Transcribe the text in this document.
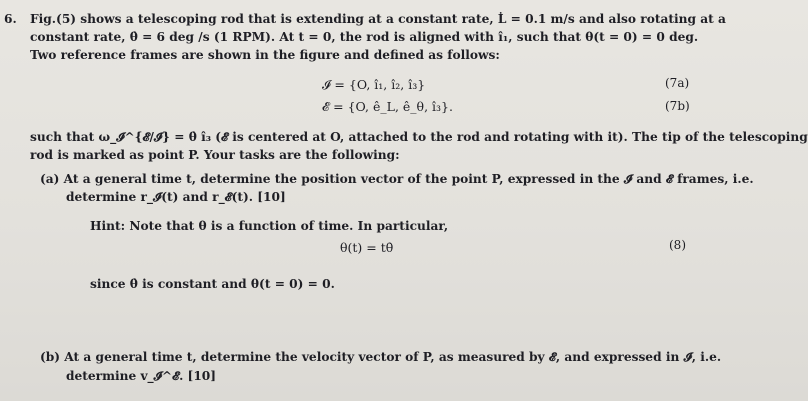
6. Fig.(5) shows a telescoping rod that is extending at a constant rate, L̇ = 0.1 m/s and also rotating at a
constant rate, θ̇ = 6 deg /s (1 RPM). At t = 0, the rod is aligned with î₁, such that θ(t = 0) = 0 deg.
Two reference frames are shown in the figure and defined as follows:
𝓘 = {O, î₁, î₂, î₃}	(7a)
𝓔 = {O, ê_L, ê_θ, î₃}.	(7b)
such that ω_𝓘^{𝓔/𝓘} = θ̇ î₃ (𝓔 is centered at O, attached to the rod and rotating with it). The tip of the telescoping
rod is marked as point P. Your tasks are the following:
(a) At a general time t, determine the position vector of the point P, expressed in the 𝓘 and 𝓔 frames, i.e.
determine r_𝓘(t) and r_𝓔(t). [10]
Hint: Note that θ is a function of time. In particular,
θ(t) = tθ̇	(8)
since θ̇ is constant and θ(t = 0) = 0.
(b) At a general time t, determine the velocity vector of P, as measured by 𝓔, and expressed in 𝓘, i.e.
determine v_𝓘^𝓔. [10]
